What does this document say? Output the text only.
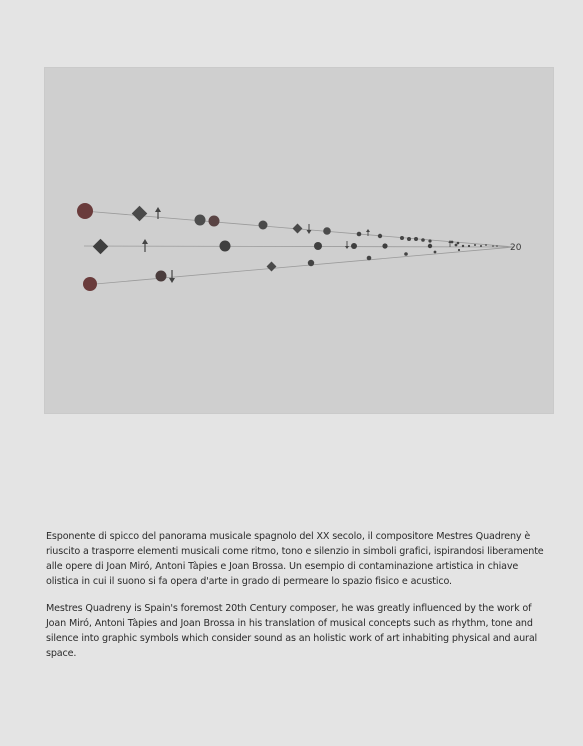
20

Esponente di spicco del panorama musicale spagnolo del XX secolo, il compositore Mestres Quadreny è riuscito a trasporre elementi musicali come ritmo, tono e silenzio in simboli grafici, ispirandosi liberamente alle opere di Joan Miró, Antoni Tàpies e Joan Brossa. Un esempio di contaminazione artistica in chiave olistica in cui il suono si fa opera d'arte in grado di permeare lo spazio fisico e acustico.

Mestres Quadreny is Spain's foremost 20th Century composer, he was greatly influenced by the work of Joan Miró, Antoni Tàpies and Joan Brossa in his translation of musical concepts such as rhythm, tone and silence into graphic symbols which consider sound as an holistic work of art inhabiting physical and aural space.
